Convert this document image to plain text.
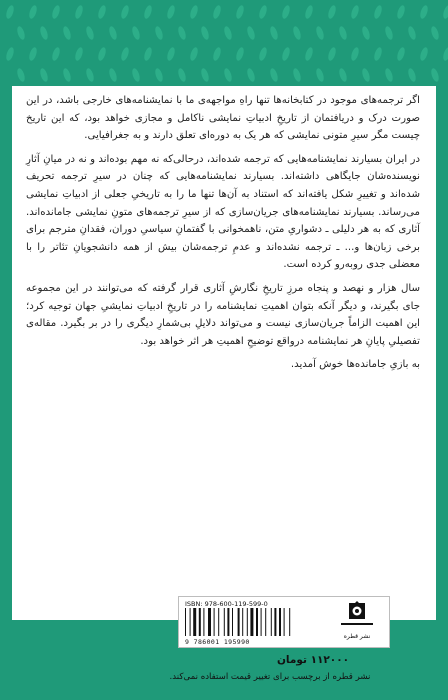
اگر ترجمه‌های موجود در کتابخانه‌ها تنها راهِ مواجهه‌ی ما با نمایشنامه‌های خارجی باشد، در این صورت درک و دریافتمان از تاریخِ ادبیاتِ نمایشی ناکامل و مجازی خواهد بود، که این تاریخ چیست مگر سیرِ متونی نمایشی که هر یک به دوره‌ای تعلق دارند و به جغرافیایی.

در ایران بسیارند نمایشنامه‌هایی که ترجمه شده‌اند، درحالی‌که نه مهم بوده‌اند و نه در میانِ آثارِ نویسنده‌شان جایگاهی داشته‌اند. بسیارند نمایشنامه‌هایی که چنان در سیرِ ترجمه تحریف شده‌اند و تغییرِ شکل یافته‌اند که استناد به آن‌ها تنها ما را به تاریخیِ جعلی از ادبیاتِ نمایشی می‌رساند. بسیارند نمایشنامه‌های جریان‌سازی که از سیرِ ترجمه‌های متونِ نمایشی جامانده‌اند. آثاری که به هر دلیلی ـ دشواریِ متن، ناهمخوانی با گفتمانِ سیاسیِ دوران، فقدانِ مترجم برای برخی زبان‌ها و... ـ ترجمه نشده‌اند و عدمِ ترجمه‌شان بیش از همه دانشجویانِ تئاتر را با معضلی جدی روبه‌رو کرده است.

سال هزار و نهصد و پنجاه مرزِ تاریخِ نگارشِ آثاری قرار گرفته که می‌توانند در این مجموعه جای بگیرند، و دیگر آنکه بتوان اهمیتِ نمایشنامه را در تاریخِ ادبیاتِ نمایشیِ جهان توجیه کرد؛ این اهمیت الزاماً جریان‌سازی نیست و می‌تواند دلایلِ بی‌شمارِ دیگری را در بر بگیرد. مقاله‌ی تفصیلیِ پایانِ هر نمایشنامه درواقع توضیحِ اهمیتِ هر اثر خواهد بود.

به بازیِ جامانده‌ها خوش آمدید.

ISBN: 978-600-119-599-0
9 786001 195990
نشر قطره
۱۱۲۰۰۰ تومان
نشر قطره از برچسب برای تغییر قیمت استفاده نمی‌کند.
